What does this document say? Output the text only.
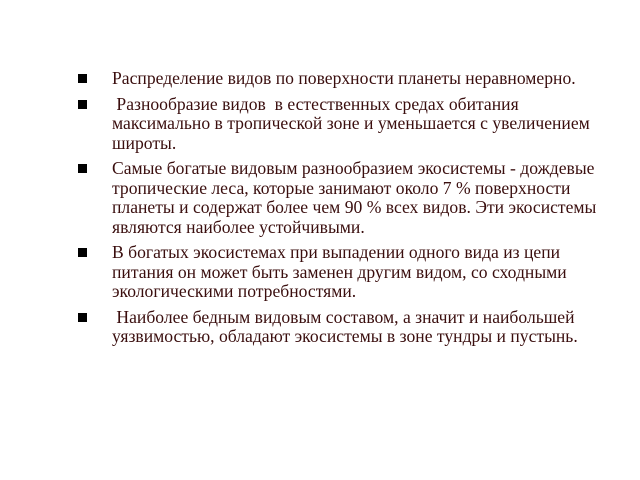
Распределение видов по поверхности планеты неравномерно.
Разнообразие видов  в естественных средах обитания максимально в тропической зоне и уменьшается с увеличением широты.
Самые богатые видовым разнообразием экосистемы - дождевые тропические леса, которые занимают около 7 % поверхности планеты и содержат более чем 90 % всех видов. Эти экосистемы являются наиболее устойчивыми.
В богатых экосистемах при выпадении одного вида из цепи питания он может быть заменен другим видом, со сходными экологическими потребностями.
Наиболее бедным видовым составом, а значит и наибольшей уязвимостью, обладают экосистемы в зоне тундры и пустынь.
